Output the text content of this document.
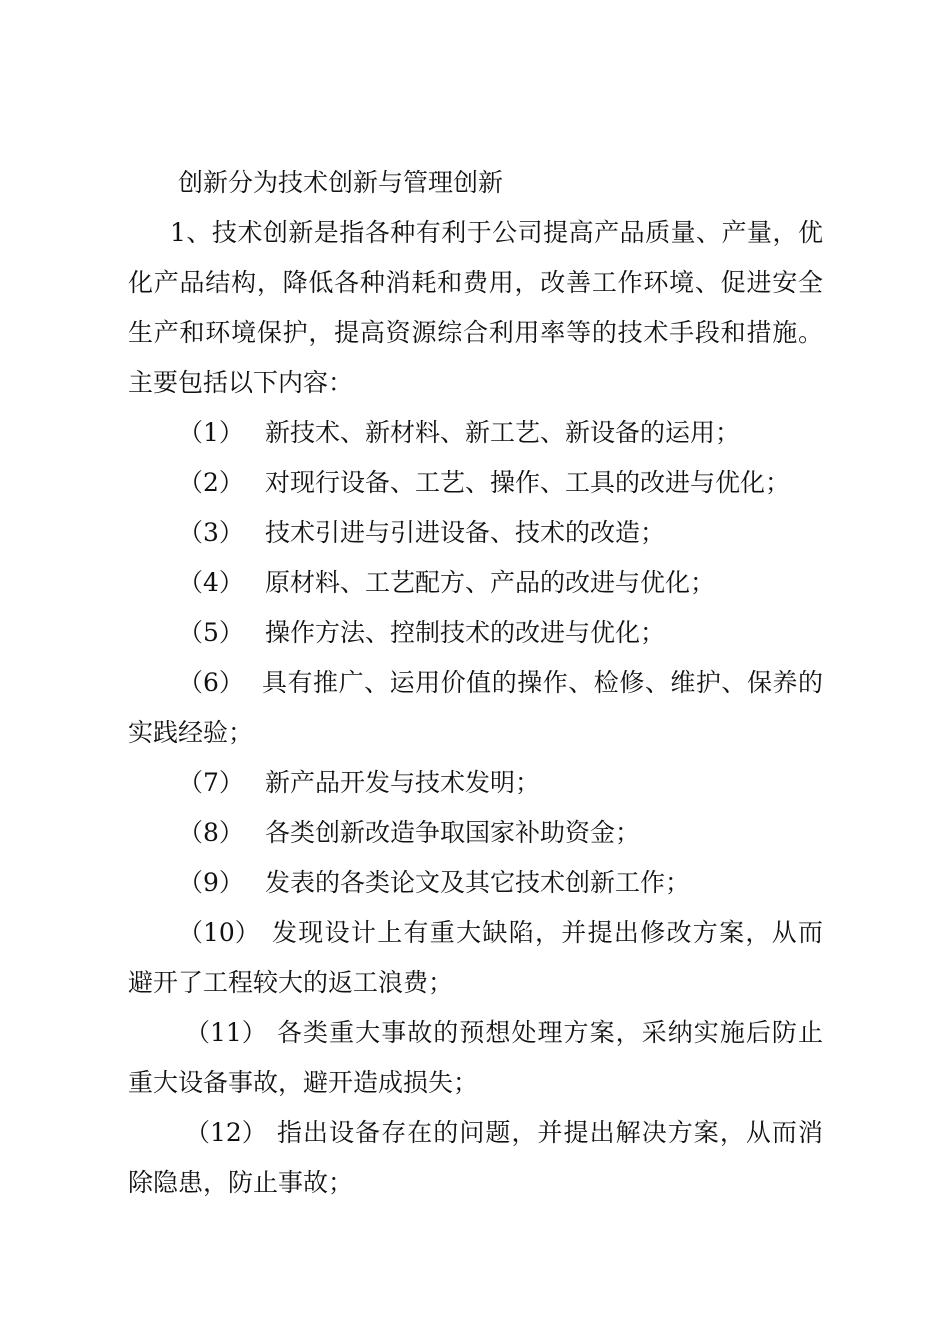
创新分为技术创新与管理创新
1、技术创新是指各种有利于公司提高产品质量、产量，优
化产品结构，降低各种消耗和费用，改善工作环境、促进安全
生产和环境保护，提高资源综合利用率等的技术手段和措施。
主要包括以下内容：
（1） 新技术、新材料、新工艺、新设备的运用；
（2） 对现行设备、工艺、操作、工具的改进与优化；
（3） 技术引进与引进设备、技术的改造；
（4） 原材料、工艺配方、产品的改进与优化；
（5） 操作方法、控制技术的改进与优化；
（6） 具有推广、运用价值的操作、检修、维护、保养的
实践经验；
（7） 新产品开发与技术发明；
（8） 各类创新改造争取国家补助资金；
（9） 发表的各类论文及其它技术创新工作；
（10） 发现设计上有重大缺陷，并提出修改方案，从而
避开了工程较大的返工浪费；
（11） 各类重大事故的预想处理方案，采纳实施后防止
重大设备事故，避开造成损失；
（12） 指出设备存在的问题，并提出解决方案，从而消
除隐患，防止事故；
